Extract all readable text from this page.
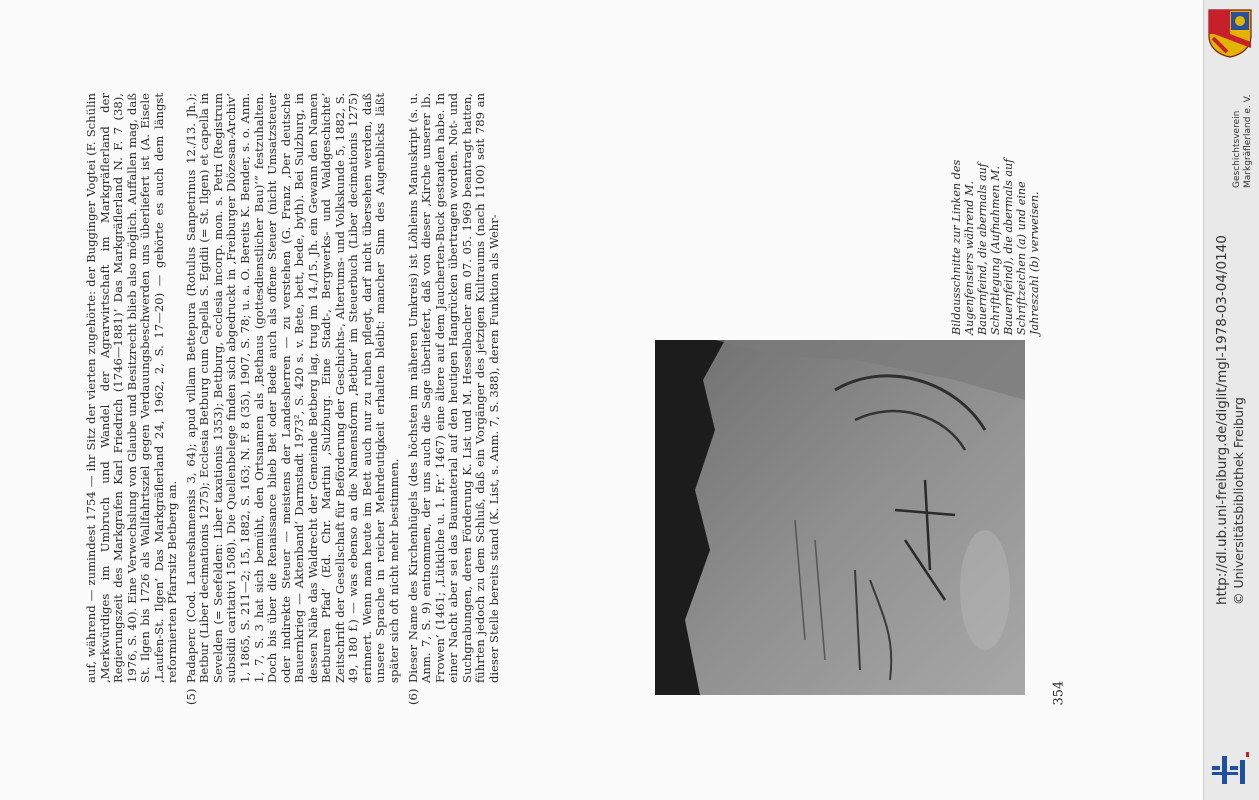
auf, während — zumindest 1754 — ihr Sitz der vierten zugehörte: der Bugginger Vogtei (F. Schülin ‚Merkwürdiges im Umbruch und Wandel der Agrarwirtschaft im Markgräflerland der Regierungszeit des Markgrafen Karl Friedrich (1746—1881)‘ Das Markgräflerland N. F. 7 (38), 1976, S. 40). Eine Verwechslung von Glaube und Besitzrecht blieb also möglich. Auffallen mag, daß St. Ilgen bis 1726 als Wallfahrtsziel gegen Verdauungsbeschwerden uns überliefert ist (A. Eisele ‚Laufen-St. Ilgen‘ Das Markgräflerland 24, 1962, 2, S. 17—20) — gehörte es auch dem längst reformierten Pfarrsitz Betberg an.

(5)
Padaperc (Cod. Laureshamensis 3, 64); apud villam Bettepura (Rotulus Sanpetrinus 12./13. Jh.); Betbur (Liber decimationis 1275); Ecclesia Betburg cum Capella S. Egidii (= St. Ilgen) et capella in Sevelden (= Seefelden: Liber taxationis 1353); Bettburg, ecclesia incorp. mon. s. Petri (Registrum subsidii caritativi 1508). Die Quellenbelege finden sich abgedruckt in ‚Freiburger Diözesan-Archiv‘ 1, 1865, S. 211—2; 15, 1882, S. 163; N. F. 8 (35), 1907, S. 78; u. a. O. Bereits K. Bender, s. o. Anm. 1, 7, S. 3 hat sich bemüht, den Ortsnamen als ‚Bethaus (gottesdienstlicher Bau)‘“ festzuhalten. Doch bis über die Renaissance blieb Bet oder Bede auch als offene Steuer (nicht Umsatzsteuer oder indirekte Steuer — meistens der Landesherren — zu verstehen (G. Franz ‚Der deutsche Bauernkrieg — Aktenband‘ Darmstadt 1973², S. 420 s. v. Bete, bett, bede, byth). Bei Sulzburg, in dessen Nähe das Waldrecht der Gemeinde Betberg lag, trug im 14./15. Jh. ein Gewann den Namen Betburen Pfad‘ (Ed. Chr. Martini ‚Sulzburg. Eine Stadt-, Bergwerks- und Waldgeschichte‘ Zeitschrift der Gesellschaft für Beförderung der Geschichts-, Altertums- und Volkskunde 5, 1882, S. 49, 180 f.) — was ebenso an die Namensform ‚Betbur‘ im Steuerbuch (Liber decimationis 1275) erinnert. Wenn man heute im Bett auch nur zu ruhen pflegt, darf nicht übersehen werden, daß unsere Sprache in reicher Mehrdeutigkeit erhalten bleibt: mancher Sinn des Augenblicks läßt später sich oft nicht mehr bestimmen.

(6)
Dieser Name des Kirchenhügels (des höchsten im näheren Umkreis) ist Löhleins Manuskript (s. u. Anm. 7, S. 9) entnommen, der uns auch die Sage überliefert, daß von dieser ‚Kirche unserer lb. Frowen‘ (1461; ‚Lütkilche u. 1. Fr.‘ 1467) eine ältere auf dem Jaucherten-Buck gestanden habe. In einer Nacht aber sei das Baumaterial auf den heutigen Hangrücken übertragen worden. Not- und Suchgrabungen, deren Förderung K. List und M. Hesselbacher am 07. 05. 1969 beantragt hatten, führten jedoch zu dem Schluß, daß ein Vorgänger des jetzigen Kultraums (nach 1100) seit 789 an dieser Stelle bereits stand (K. List, s. Anm. 7, S. 388), deren Funktion als Wehr-	Bildausschnitte zur Linken des Augenfensters während M. Bauernfeind, die abermals auf Schriftlegung (Aufnahmen M. Bauernfeind), die abermals auf Schriftzeichen (a) und eine Jahreszahl (b) verweisen.

354
Geschichtsverein Markgräflerland e. V.
http://dl.ub.uni-freiburg.de/diglit/mgl-1978-03-04/0140 © Universitätsbibliothek Freiburg
